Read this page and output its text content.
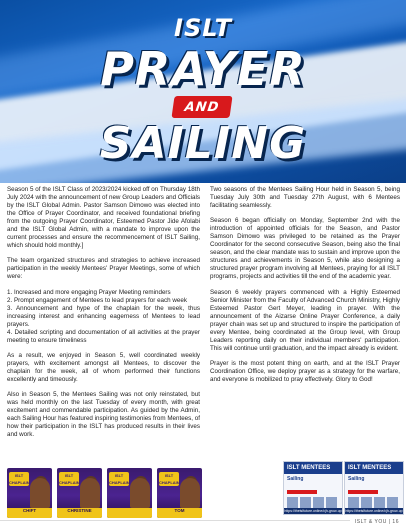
ISLT
PRAYER
AND
SAILING

Season 5 of the ISLT Class of 2023/2024 kicked off on Thursday 18th July 2024 with the announcement of new Group Leaders and Officials by the ISLT Global Admin. Pastor Samson Dimowo was elected into the Office of Prayer Coordinator, and received foundational briefing from the outgoing Prayer Coordinator, Esteemed Pastor Jide Afolabi and the ISLT Global Admin, with a mandate to improve upon the current processes and ensure the recommencement of ISLT Sailing, which should hold monthly.]

The team organized structures and strategies to achieve increased participation in the weekly Mentees' Prayer Meetings, some of which were:

1. Increased and more engaging Prayer Meeting reminders
2. Prompt engagement of Mentees to lead prayers for each week
3. Announcement and hype of the chaplain for the week, thus increasing interest and enhancing eagerness of Mentees to lead prayers.

4. Detailed scripting and documentation of all activities at the prayer meeting to ensure timeliness

As a result, we enjoyed in Season 5, well coordinated weekly prayers, with excitement amongst all Mentees, to discover the chaplain for the week, all of whom performed their functions excellently and timeously.

Also in Season 5, the Mentees Sailing was not only reinstated, but was held monthly on the last Tuesday of every month, with great excitement and commendable participation. As guided by the Admin, each Sailing Hour has featured inspiring testimonies from Mentees, of how their participation in the ISLT has produced results in their lives and work.

Two seasons of the Mentees Sailing Hour held in Season 5, being Tuesday July 30th and Tuesday 27th August, with 6 Mentees facilitating seamlessly.

Season 6 began officially on Monday, September 2nd with the introduction of appointed officials for the Season, and Pastor Samson Dimowo was privileged to be retained as the Prayer Coordinator for the second consecutive Season, being also the final season, and the clear mandate was to sustain and improve upon the structures and achievements in Season 5, while also designing a structured prayer program involving all Mentees, praying for all ISLT programs, projects and activities till the end of the academic year.

Season 6 weekly prayers commenced with a Highly Esteemed Senior Minister from the Faculty of Advanced Church Ministry, Highly Esteemed Pastor Gert Meyer, leading in prayer. With the announcement of the Aizarse Online Prayer Conference, a daily prayer chain was set up and structured to inspire the participation of every Mentee, being coordinated at the Group level, with Group Leaders reporting daily on their individual members' participation. This will continue until graduation, and the impact already is evident.

Prayer is the most potent thing on earth, and at the ISLT Prayer Coordination Office, we deploy prayer as a strategy for the warfare, and everyone is mobilized to pray effectively. Glory to God!

ISLT CHAPLAIN
CHIFT
ISLT CHAPLAIN
CHRISTINE
ISLT CHAPLAIN
ISLT CHAPLAIN
TOM
ISLT MENTEES
Sailing
https://theislfuture.online/cjh-grow-up
ISLT MENTEES
Sailing
https://theislfuture.online/cjh-grow-up
ISLT & YOU | 16
